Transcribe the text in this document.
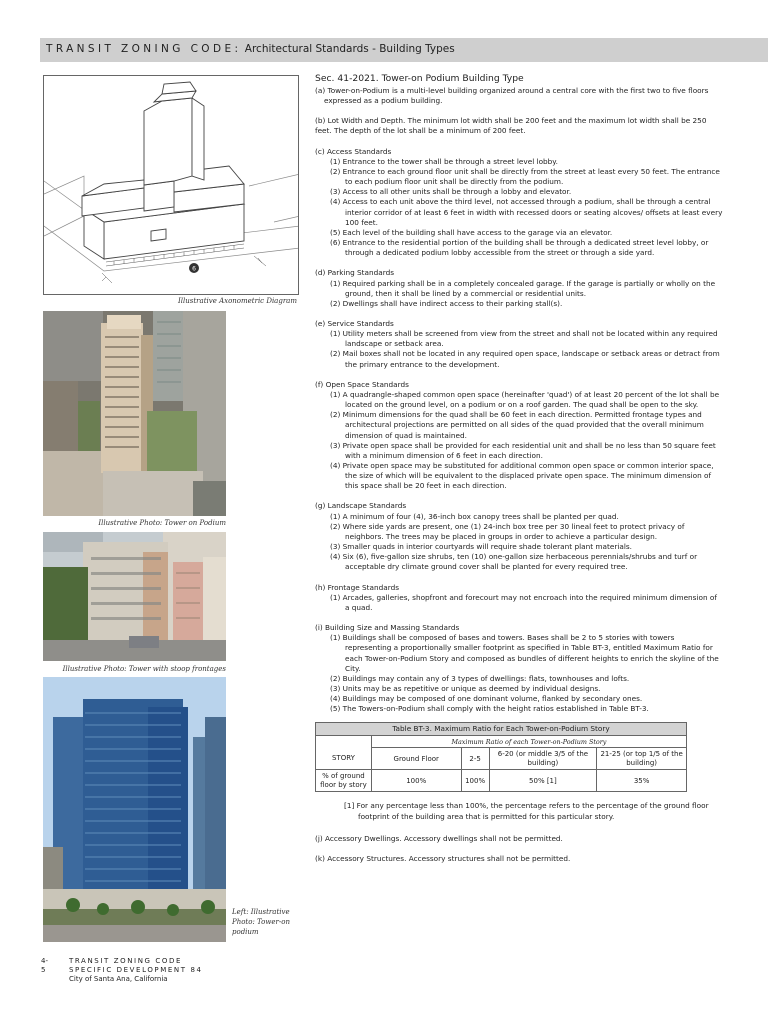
TRANSIT ZONING CODE: Architectural Standards - Building Types
6
Illustrative Axonometric Diagram
Illustrative Photo: Tower on Podium
Illustrative Photo: Tower with stoop frontages
Left: Illustrative Photo: Tower-on podium
Sec. 41-2021. Tower-on Podium Building Type
(a) Tower-on-Podium is a multi-level building organized around a central core with the first two to five floors expressed as a podium building.
(b) Lot Width and Depth. The minimum lot width shall be 200 feet and the maximum lot width shall be 250 feet. The depth of the lot shall be a minimum of 200 feet.
(c) Access Standards
(1) Entrance to the tower shall be through a street level lobby.
(2) Entrance to each ground floor unit shall be directly from the street at least every 50 feet. The entrance to each podium floor unit shall be directly from the podium.
(3) Access to all other units shall be through a lobby and elevator.
(4) Access to each unit above the third level, not accessed through a podium, shall be through a central interior corridor of at least 6 feet in width with recessed doors or seating alcoves/ offsets at least every 100 feet.
(5) Each level of the building shall have access to the garage via an elevator.
(6) Entrance to the residential portion of the building shall be through a dedicated street level lobby, or through a dedicated podium lobby accessible from the street or through a side yard.
(d) Parking Standards
(1) Required parking shall be in a completely concealed garage. If the garage is partially or wholly on the ground, then it shall be lined by a commercial or residential units.
(2) Dwellings shall have indirect access to their parking stall(s).
(e) Service Standards
(1) Utility meters shall be screened from view from the street and shall not be located within any required landscape or setback area.
(2) Mail boxes shall not be located in any required open space, landscape or setback areas or detract from the primary entrance to the development.
(f) Open Space Standards
(1) A quadrangle-shaped common open space (hereinafter 'quad') of at least 20 percent of the lot shall be located on the ground level, on a podium or on a roof garden. The quad shall be open to the sky.
(2) Minimum dimensions for the quad shall be 60 feet in each direction. Permitted frontage types and architectural projections are permitted on all sides of the quad provided that the overall minimum dimension of quad is maintained.
(3) Private open space shall be provided for each residential unit and shall be no less than 50 square feet with a minimum dimension of 6 feet in each direction.
(4) Private open space may be substituted for additional common open space or common interior space, the size of which will be equivalent to the displaced private open space. The minimum dimension of this space shall be 20 feet in each direction.
(g) Landscape Standards
(1) A minimum of four (4), 36-inch box canopy trees shall be planted per quad.
(2) Where side yards are present, one (1) 24-inch box tree per 30 lineal feet to protect privacy of neighbors. The trees may be placed in groups in order to achieve a particular design.
(3) Smaller quads in interior courtyards will require shade tolerant plant materials.
(4) Six (6), five-gallon size shrubs, ten (10) one-gallon size herbaceous perennials/shrubs and turf or acceptable dry climate ground cover shall be planted for every required tree.
(h) Frontage Standards
(1) Arcades, galleries, shopfront and forecourt may not encroach into the required minimum dimension of a quad.
(i) Building Size and Massing Standards
(1) Buildings shall be composed of bases and towers. Bases shall be 2 to 5 stories with towers representing a proportionally smaller footprint as specified in Table BT-3, entitled Maximum Ratio for each Tower-on-Podium Story and composed as bundles of different heights to enrich the skyline of the City.
(2) Buildings may contain any of 3 types of dwellings: flats, townhouses and lofts.
(3) Units may be as repetitive or unique as deemed by individual designs.
(4) Buildings may be composed of one dominant volume, flanked by secondary ones.
(5) The Towers-on-Podium shall comply with the height ratios established in Table BT-3.
Table BT-3. Maximum Ratio for Each Tower-on-Podium Story				
	Maximum Ratio of each Tower-on-Podium Story			
STORY	Ground Floor	2-5	6-20 (or middle 3/5 of the building)	21-25 (or top 1/5 of the building)
% of ground floor by story	100%	100%	50% [1]	35%
[1] For any percentage less than 100%, the percentage refers to the percentage of the ground floor footprint of the building area that is permitted for this particular story.
(j) Accessory Dwellings. Accessory dwellings shall not be permitted.
(k) Accessory Structures. Accessory structures shall not be permitted.
4-5
TRANSIT ZONING CODE
SPECIFIC DEVELOPMENT 84
City of Santa Ana, California
